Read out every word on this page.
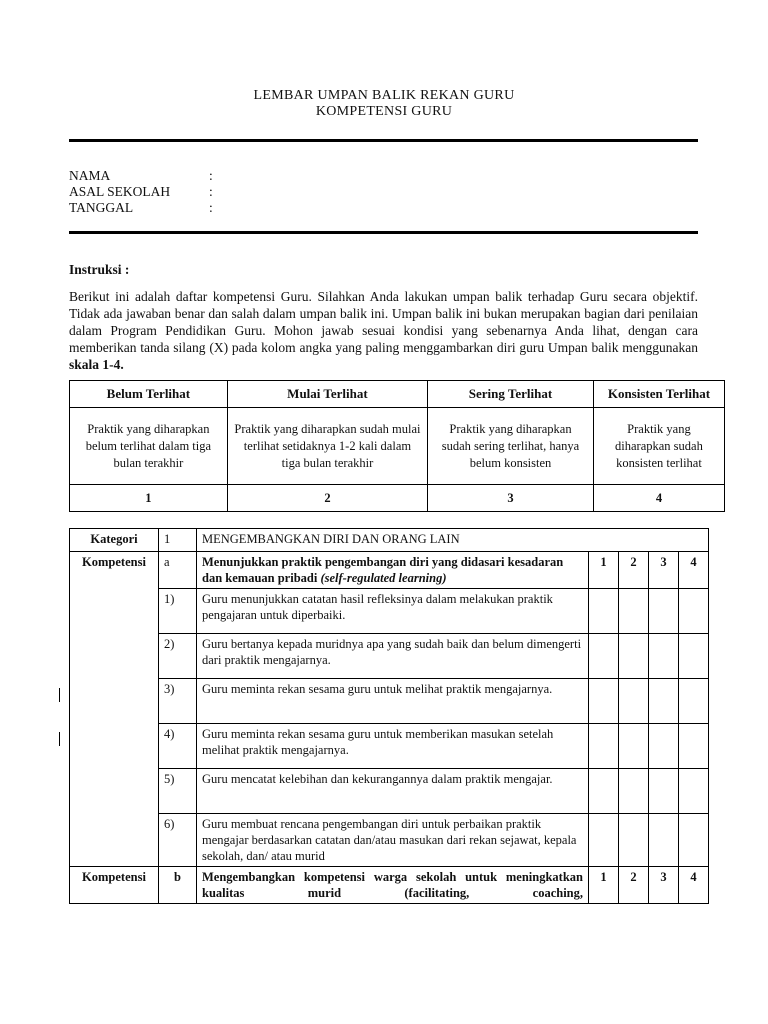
LEMBAR UMPAN BALIK REKAN GURU
KOMPETENSI GURU
NAMA	:
ASAL SEKOLAH	:
TANGGAL	:
Instruksi :
Berikut ini adalah daftar kompetensi Guru. Silahkan Anda lakukan umpan balik terhadap Guru secara objektif. Tidak ada jawaban benar dan salah dalam umpan balik ini. Umpan balik ini bukan merupakan bagian dari penilaian dalam Program Pendidikan Guru. Mohon jawab sesuai kondisi yang sebenarnya Anda lihat, dengan cara memberikan tanda silang (X) pada kolom angka yang paling menggambarkan diri guru Umpan balik menggunakan skala 1-4.
Belum Terlihat	Mulai Terlihat	Sering Terlihat	Konsisten Terlihat
Praktik yang diharapkan belum terlihat dalam tiga bulan terakhir	Praktik yang diharapkan sudah mulai terlihat setidaknya 1-2 kali dalam tiga bulan terakhir	Praktik yang diharapkan sudah sering terlihat, hanya belum konsisten	Praktik yang diharapkan sudah konsisten terlihat
1	2	3	4
Kategori	1	MENGEMBANGKAN DIRI DAN ORANG LAIN				
Kompetensi	a	Menunjukkan praktik pengembangan diri yang didasari kesadaran dan kemauan pribadi (self-regulated learning)	1	2	3	4
	1)	Guru menunjukkan catatan hasil refleksinya dalam melakukan praktik pengajaran untuk diperbaiki.				
	2)	Guru bertanya kepada muridnya apa yang sudah baik dan belum dimengerti dari praktik mengajarnya.				
	3)	Guru meminta rekan sesama guru untuk melihat praktik mengajarnya.				
	4)	Guru meminta rekan sesama guru untuk memberikan masukan setelah melihat praktik mengajarnya.				
	5)	Guru mencatat kelebihan dan kekurangannya dalam praktik mengajar.				
	6)	Guru membuat rencana pengembangan diri untuk perbaikan praktik mengajar berdasarkan catatan dan/atau masukan dari rekan sejawat, kepala sekolah, dan/ atau murid				
Kompetensi	b	Mengembangkan kompetensi warga sekolah untuk meningkatkan kualitas murid (facilitating, coaching,	1	2	3	4
